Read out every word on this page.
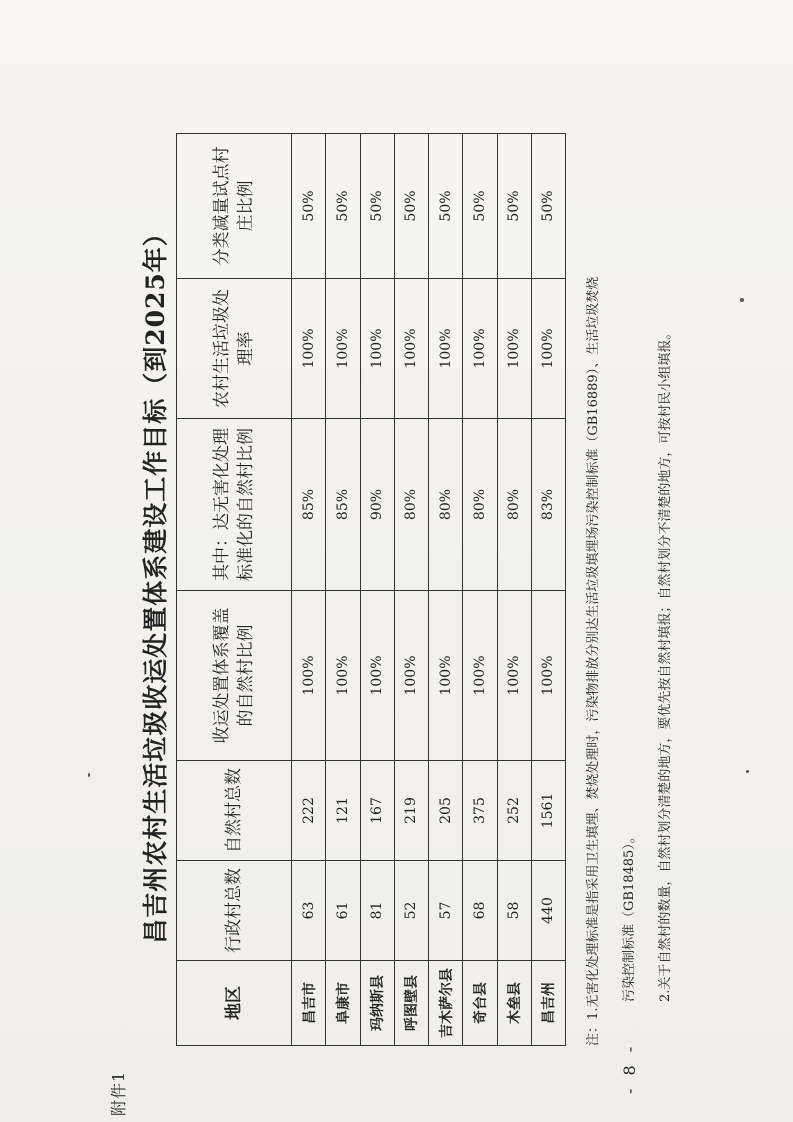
附件1
昌吉州农村生活垃圾收运处置体系建设工作目标（到2025年）
地区	行政村总数	自然村总数	收运处置体系覆盖的自然村比例	其中：达无害化处理标准化的自然村比例	农村生活垃圾处理率	分类减量试点村庄比例
昌吉市	63	222	100%	85%	100%	50%
阜康市	61	121	100%	85%	100%	50%
玛纳斯县	81	167	100%	90%	100%	50%
呼图壁县	52	219	100%	80%	100%	50%
吉木萨尔县	57	205	100%	80%	100%	50%
奇台县	68	375	100%	80%	100%	50%
木垒县	58	252	100%	80%	100%	50%
昌吉州	440	1561	100%	83%	100%	50%
注：1.无害化处理标准是指采用卫生填埋、焚烧处理时，污染物排放分别达生活垃圾填埋场污染控制标准（GB16889）、生活垃圾焚烧	污染控制标准（GB18485）。	2.关于自然村的数量，自然村划分清楚的地方，要优先按自然村填报；自然村划分不清楚的地方，可按村民小组填报。
- 8 -
